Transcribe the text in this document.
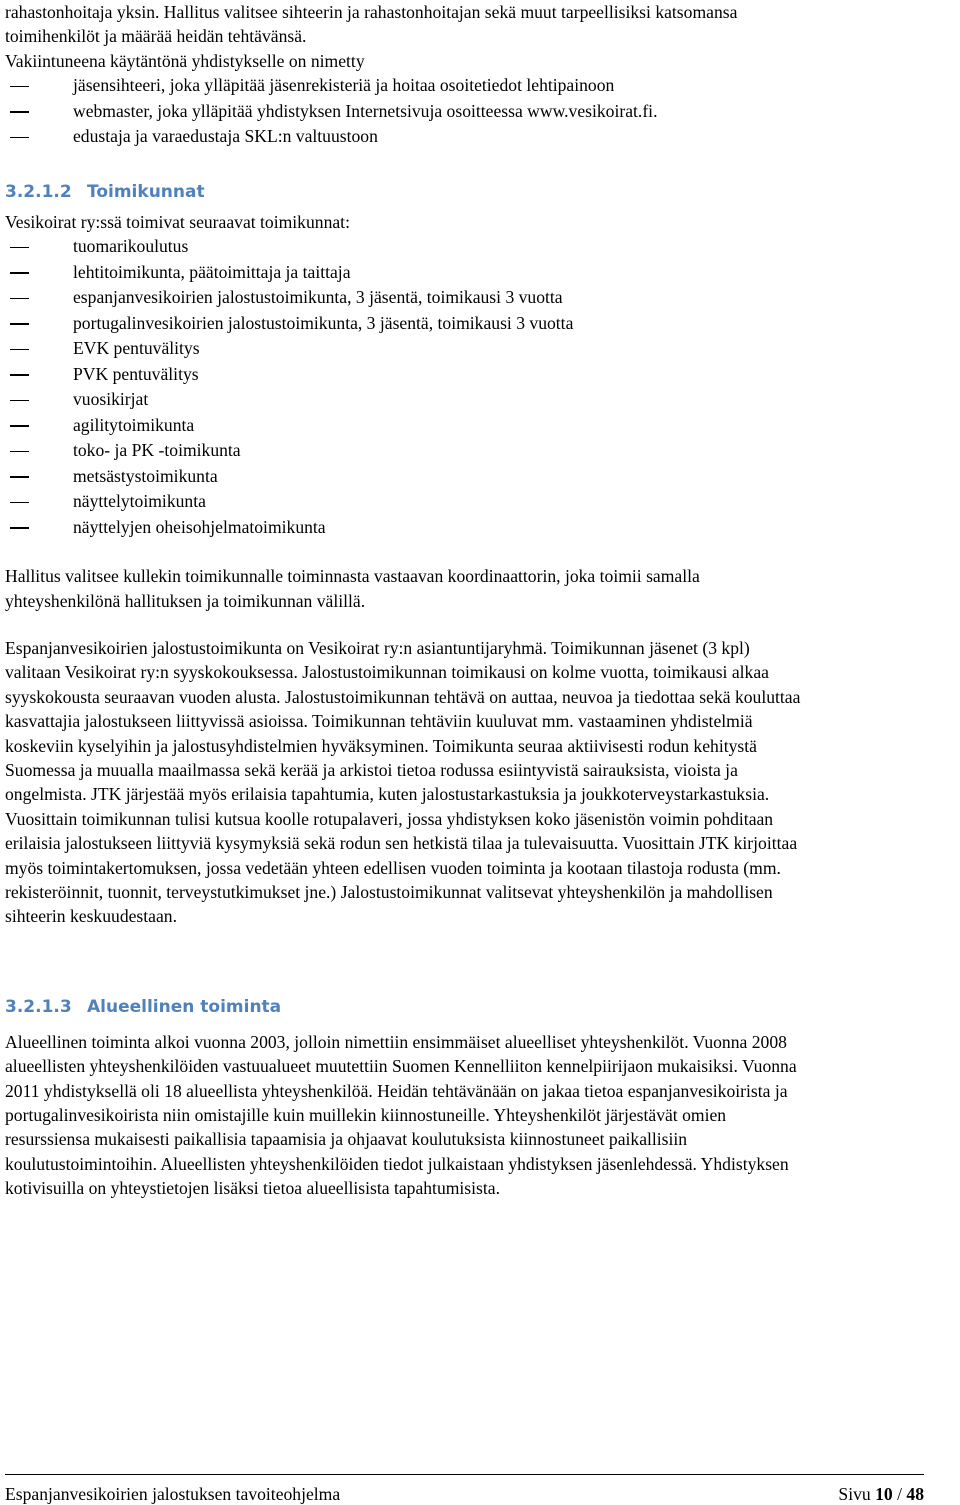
rahastonhoitaja yksin. Hallitus valitsee sihteerin ja rahastonhoitajan sekä muut tarpeellisiksi katsomansa
toimihenkilöt ja määrää heidän tehtävänsä.
Vakiintuneena käytäntönä yhdistykselle on nimetty

jäsensihteeri, joka ylläpitää jäsenrekisteriä ja hoitaa osoitetiedot lehtipainoon
webmaster, joka ylläpitää yhdistyksen Internetsivuja osoitteessa www.vesikoirat.fi.
edustaja ja varaedustaja SKL:n valtuustoon
3.2.1.2 Toimikunnat

Vesikoirat ry:ssä toimivat seuraavat toimikunnat:

tuomarikoulutus
lehtitoimikunta, päätoimittaja ja taittaja
espanjanvesikoirien jalostustoimikunta, 3 jäsentä, toimikausi 3 vuotta
portugalinvesikoirien jalostustoimikunta, 3 jäsentä, toimikausi 3 vuotta
EVK pentuvälitys
PVK pentuvälitys
vuosikirjat
agilitytoimikunta
toko- ja PK -toimikunta
metsästystoimikunta
näyttelytoimikunta
näyttelyjen oheisohjelmatoimikunta

Hallitus valitsee kullekin toimikunnalle toiminnasta vastaavan koordinaattorin, joka toimii samalla
yhteyshenkilönä hallituksen ja toimikunnan välillä.

Espanjanvesikoirien jalostustoimikunta on Vesikoirat ry:n asiantuntijaryhmä. Toimikunnan jäsenet (3 kpl)
valitaan Vesikoirat ry:n syyskokouksessa. Jalostustoimikunnan toimikausi on kolme vuotta, toimikausi alkaa
syyskokousta seuraavan vuoden alusta. Jalostustoimikunnan tehtävä on auttaa, neuvoa ja tiedottaa sekä kouluttaa
kasvattajia jalostukseen liittyvissä asioissa. Toimikunnan tehtäviin kuuluvat mm. vastaaminen yhdistelmiä
koskeviin kyselyihin ja jalostusyhdistelmien hyväksyminen. Toimikunta seuraa aktiivisesti rodun kehitystä
Suomessa ja muualla maailmassa sekä kerää ja arkistoi tietoa rodussa esiintyvistä sairauksista, vioista ja
ongelmista. JTK järjestää myös erilaisia tapahtumia, kuten jalostustarkastuksia ja joukkoterveystarkastuksia.
Vuosittain toimikunnan tulisi kutsua koolle rotupalaveri, jossa yhdistyksen koko jäsenistön voimin pohditaan
erilaisia jalostukseen liittyviä kysymyksiä sekä rodun sen hetkistä tilaa ja tulevaisuutta. Vuosittain JTK kirjoittaa
myös toimintakertomuksen, jossa vedetään yhteen edellisen vuoden toiminta ja kootaan tilastoja rodusta (mm.
rekisteröinnit, tuonnit, terveystutkimukset jne.) Jalostustoimikunnat valitsevat yhteyshenkilön ja mahdollisen
sihteerin keskuudestaan.

3.2.1.3 Alueellinen toiminta

Alueellinen toiminta alkoi vuonna 2003, jolloin nimettiin ensimmäiset alueelliset yhteyshenkilöt. Vuonna 2008
alueellisten yhteyshenkilöiden vastuualueet muutettiin Suomen Kennelliiton kennelpiirijaon mukaisiksi. Vuonna
2011 yhdistyksellä oli 18 alueellista yhteyshenkilöä. Heidän tehtävänään on jakaa tietoa espanjanvesikoirista ja
portugalinvesikoirista niin omistajille kuin muillekin kiinnostuneille. Yhteyshenkilöt järjestävät omien
resurssiensa mukaisesti paikallisia tapaamisia ja ohjaavat koulutuksista kiinnostuneet paikallisiin
koulutustoimintoihin. Alueellisten yhteyshenkilöiden tiedot julkaistaan yhdistyksen jäsenlehdessä. Yhdistyksen
kotivisuilla on yhteystietojen lisäksi tietoa alueellisista tapahtumisista.

Espanjanvesikoirien jalostuksen tavoiteohjelma	Sivu 10 / 48
